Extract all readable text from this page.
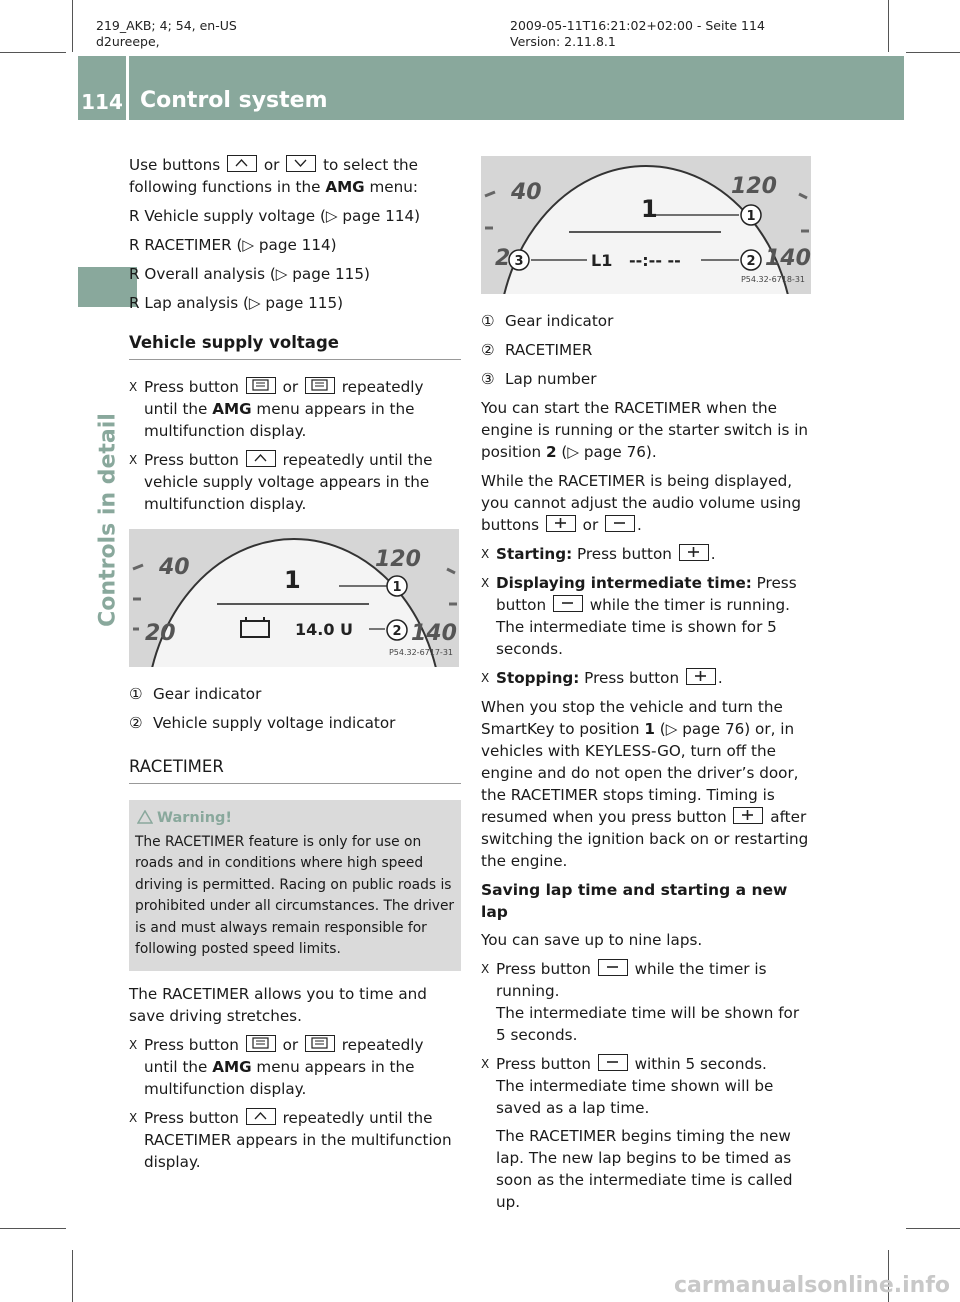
219_AKB; 4; 54, en-US
d2ureepe,
2009-05-11T16:21:02+02:00 - Seite 114
Version: 2.11.8.1
114 Control system
Controls in detail

Use buttons	or	to select the following functions in the AMG menu:

R Vehicle supply voltage (▷ page 114)

R RACETIMER (▷ page 114)

R Overall analysis (▷ page 115)

R Lap analysis (▷ page 115)

Vehicle supply voltage
X Press button	or	repeatedly until the AMG menu appears in the multifunction display.
X Press button	repeatedly until the vehicle supply voltage appears in the multifunction display.
1
2
40
20
120
140
1
14.0 U
P54.32-6717-31
① Gear indicator
② Vehicle supply voltage indicator
RACETIMER
Warning!
The RACETIMER feature is only for use on roads and in conditions where high speed driving is permitted. Racing on public roads is prohibited under all circumstances. The driver is and must always remain responsible for following posted speed limits.

The RACETIMER allows you to time and save driving stretches.

X Press button	or	repeatedly until the AMG menu appears in the multifunction display.
X Press button	repeatedly until the RACETIMER appears in the multifunction display.
1
2
3
40
2
120
140
1
L1 --:-- --
P54.32-6718-31
① Gear indicator
② RACETIMER
③ Lap number

You can start the RACETIMER when the engine is running or the starter switch is in position 2 (▷ page 76).

While the RACETIMER is being displayed, you cannot adjust the audio volume using buttons	or	.

X Starting: Press button	.
X Displaying intermediate time: Press button	while the timer is running.
The intermediate time is shown for 5 seconds.
X Stopping: Press button	.

When you stop the vehicle and turn the SmartKey to position 1 (▷ page 76) or, in vehicles with KEYLESS-GO, turn off the engine and do not open the driver’s door, the RACETIMER stops timing. Timing is resumed when you press button	after switching the ignition back on or restarting the engine.

Saving lap time and starting a new lap

You can save up to nine laps.

X Press button	while the timer is running.
The intermediate time will be shown for 5 seconds.
X Press button	within 5 seconds.
The intermediate time shown will be saved as a lap time.
The RACETIMER begins timing the new lap. The new lap begins to be timed as soon as the intermediate time is called up.
carmanualsonline.info
